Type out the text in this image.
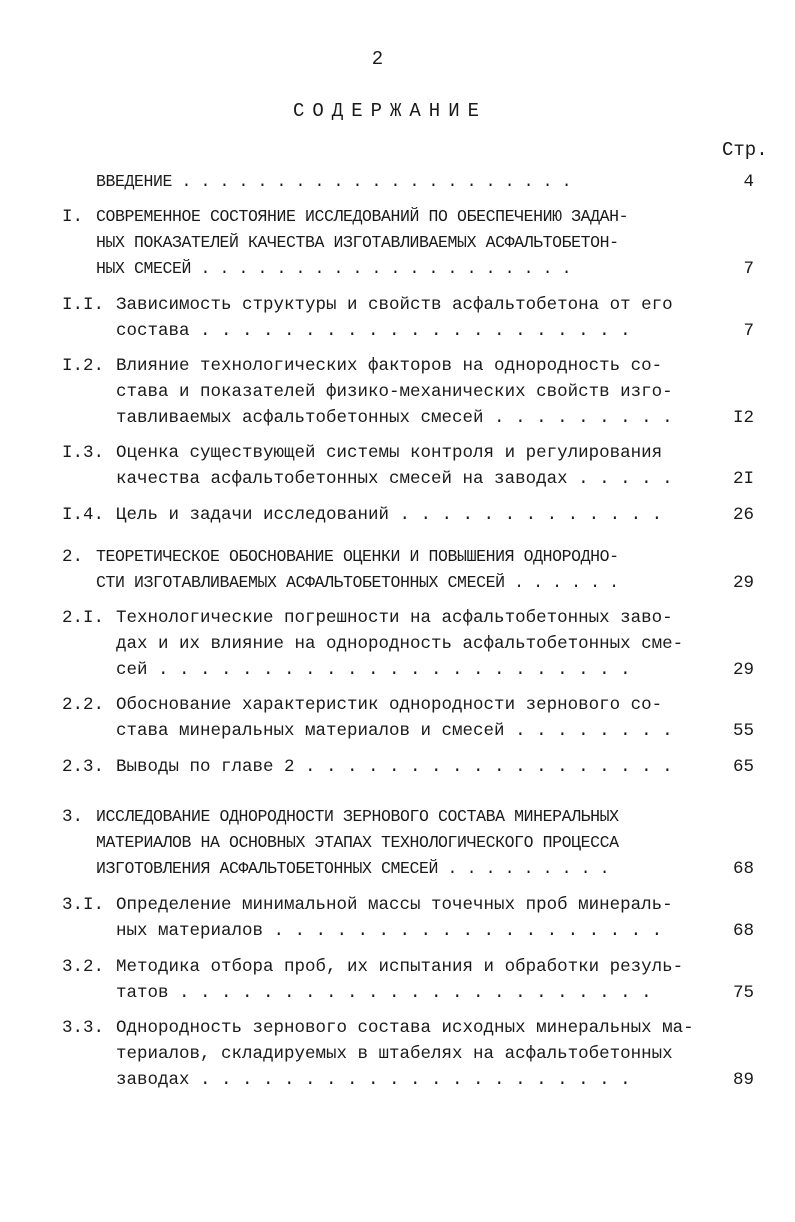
2
СОДЕРЖАНИЕ
Стр.
ВВЕДЕНИЕ . . . . . . . . . . . . . . . . . . . . .	4
I. СОВРЕМЕННОЕ СОСТОЯНИЕ ИССЛЕДОВАНИЙ ПО ОБЕСПЕЧЕНИЮ ЗАДАН-
НЫХ ПОКАЗАТЕЛЕЙ КАЧЕСТВА ИЗГОТАВЛИВАЕМЫХ АСФАЛЬТОБЕТОН-
НЫХ СМЕСЕЙ . . . . . . . . . . . . . . . . . . . .	7
I.I. Зависимость структуры и свойств асфальтобетона от его
состава . . . . . . . . . . . . . . . . . . . . .	7
I.2. Влияние технологических факторов на однородность со-
става и показателей физико-механических свойств изго-
тавливаемых асфальтобетонных смесей . . . . . . . . .	I2
I.3. Оценка существующей системы контроля и регулирования
качества асфальтобетонных смесей на заводах . . . . .	2I
I.4. Цель и задачи исследований . . . . . . . . . . . . .	26
2. ТЕОРЕТИЧЕСКОЕ ОБОСНОВАНИЕ ОЦЕНКИ И ПОВЫШЕНИЯ ОДНОРОДНО-
СТИ ИЗГОТАВЛИВАЕМЫХ АСФАЛЬТОБЕТОННЫХ СМЕСЕЙ . . . . . .	29
2.I. Технологические погрешности на асфальтобетонных заво-
дах и их влияние на однородность асфальтобетонных сме-
сей . . . . . . . . . . . . . . . . . . . . . . .	29
2.2. Обоснование характеристик однородности зернового со-
става минеральных материалов и смесей . . . . . . . .	55
2.3. Выводы по главе 2 . . . . . . . . . . . . . . . . . .	65
3. ИССЛЕДОВАНИЕ ОДНОРОДНОСТИ ЗЕРНОВОГО СОСТАВА МИНЕРАЛЬНЫХ
МАТЕРИАЛОВ НА ОСНОВНЫХ ЭТАПАХ ТЕХНОЛОГИЧЕСКОГО ПРОЦЕССА
ИЗГОТОВЛЕНИЯ АСФАЛЬТОБЕТОННЫХ СМЕСЕЙ . . . . . . . . .	68
3.I. Определение минимальной массы точечных проб минераль-
ных материалов . . . . . . . . . . . . . . . . . . .	68
3.2. Методика отбора проб, их испытания и обработки резуль-
татов . . . . . . . . . . . . . . . . . . . . . . .	75
3.3. Однородность зернового состава исходных минеральных ма-
териалов, складируемых в штабелях на асфальтобетонных
заводах . . . . . . . . . . . . . . . . . . . . .	89
